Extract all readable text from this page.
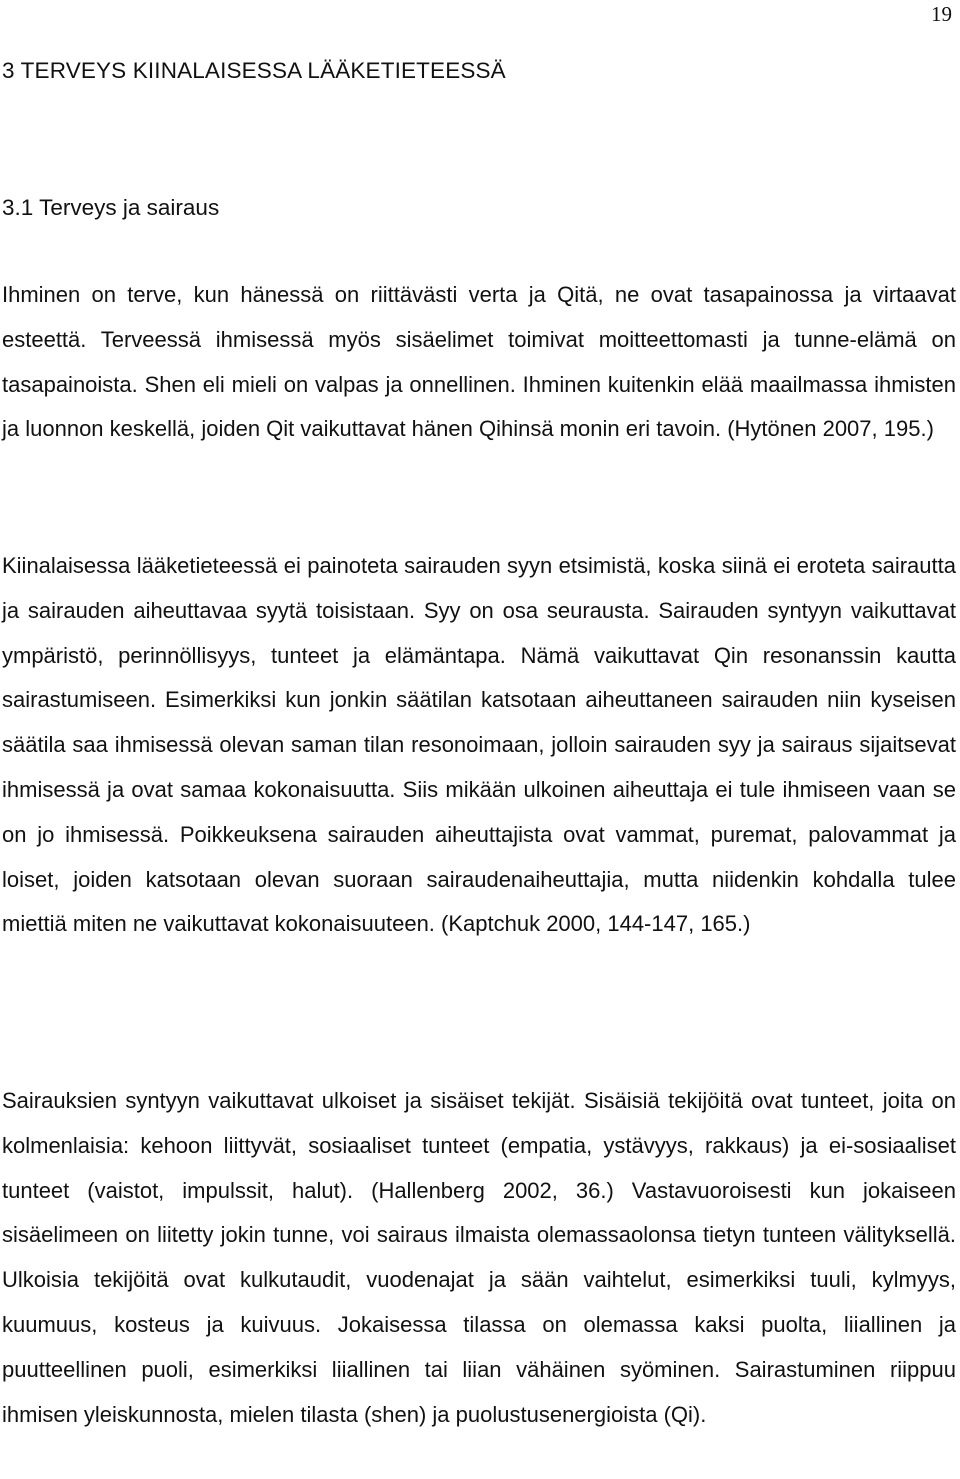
19
3 TERVEYS KIINALAISESSA LÄÄKETIETEESSÄ
3.1 Terveys ja sairaus

Ihminen on terve, kun hänessä on riittävästi verta ja Qitä, ne ovat tasapainossa ja virtaavat esteettä. Terveessä ihmisessä myös sisäelimet toimivat moitteettomasti ja tunne-elämä on tasapainoista. Shen eli mieli on valpas ja onnellinen. Ihminen kuitenkin elää maailmassa ihmisten ja luonnon keskellä, joiden Qit vaikuttavat hänen Qihinsä monin eri tavoin. (Hytönen 2007, 195.)

Kiinalaisessa lääketieteessä ei painoteta sairauden syyn etsimistä, koska siinä ei eroteta sairautta ja sairauden aiheuttavaa syytä toisistaan. Syy on osa seurausta. Sairauden syntyyn vaikuttavat ympäristö, perinnöllisyys, tunteet ja elämäntapa. Nämä vaikuttavat Qin resonanssin kautta sairastumiseen. Esimerkiksi kun jonkin säätilan katsotaan aiheuttaneen sairauden niin kyseisen säätila saa ihmisessä olevan saman tilan resonoimaan, jolloin sairauden syy ja sairaus sijaitsevat ihmisessä ja ovat samaa kokonaisuutta. Siis mikään ulkoinen aiheuttaja ei tule ihmiseen vaan se on jo ihmisessä. Poikkeuksena sairauden aiheuttajista ovat vammat, puremat, palovammat ja loiset, joiden katsotaan olevan suoraan sairaudenaiheuttajia, mutta niidenkin kohdalla tulee miettiä miten ne vaikuttavat kokonaisuuteen. (Kaptchuk 2000, 144-147, 165.)

Sairauksien syntyyn vaikuttavat ulkoiset ja sisäiset tekijät. Sisäisiä tekijöitä ovat tunteet, joita on kolmenlaisia: kehoon liittyvät, sosiaaliset tunteet (empatia, ystävyys, rakkaus) ja ei-sosiaaliset tunteet (vaistot, impulssit, halut). (Hallenberg 2002, 36.) Vastavuoroisesti kun jokaiseen sisäelimeen on liitetty jokin tunne, voi sairaus ilmaista olemassaolonsa tietyn tunteen välityksellä. Ulkoisia tekijöitä ovat kulkutaudit, vuodenajat ja sään vaihtelut, esimerkiksi tuuli, kylmyys, kuumuus, kosteus ja kuivuus. Jokaisessa tilassa on olemassa kaksi puolta, liiallinen ja puutteellinen puoli, esimerkiksi liiallinen tai liian vähäinen syöminen. Sairastuminen riippuu ihmisen yleiskunnosta, mielen tilasta (shen) ja puolustusenergioista (Qi).
